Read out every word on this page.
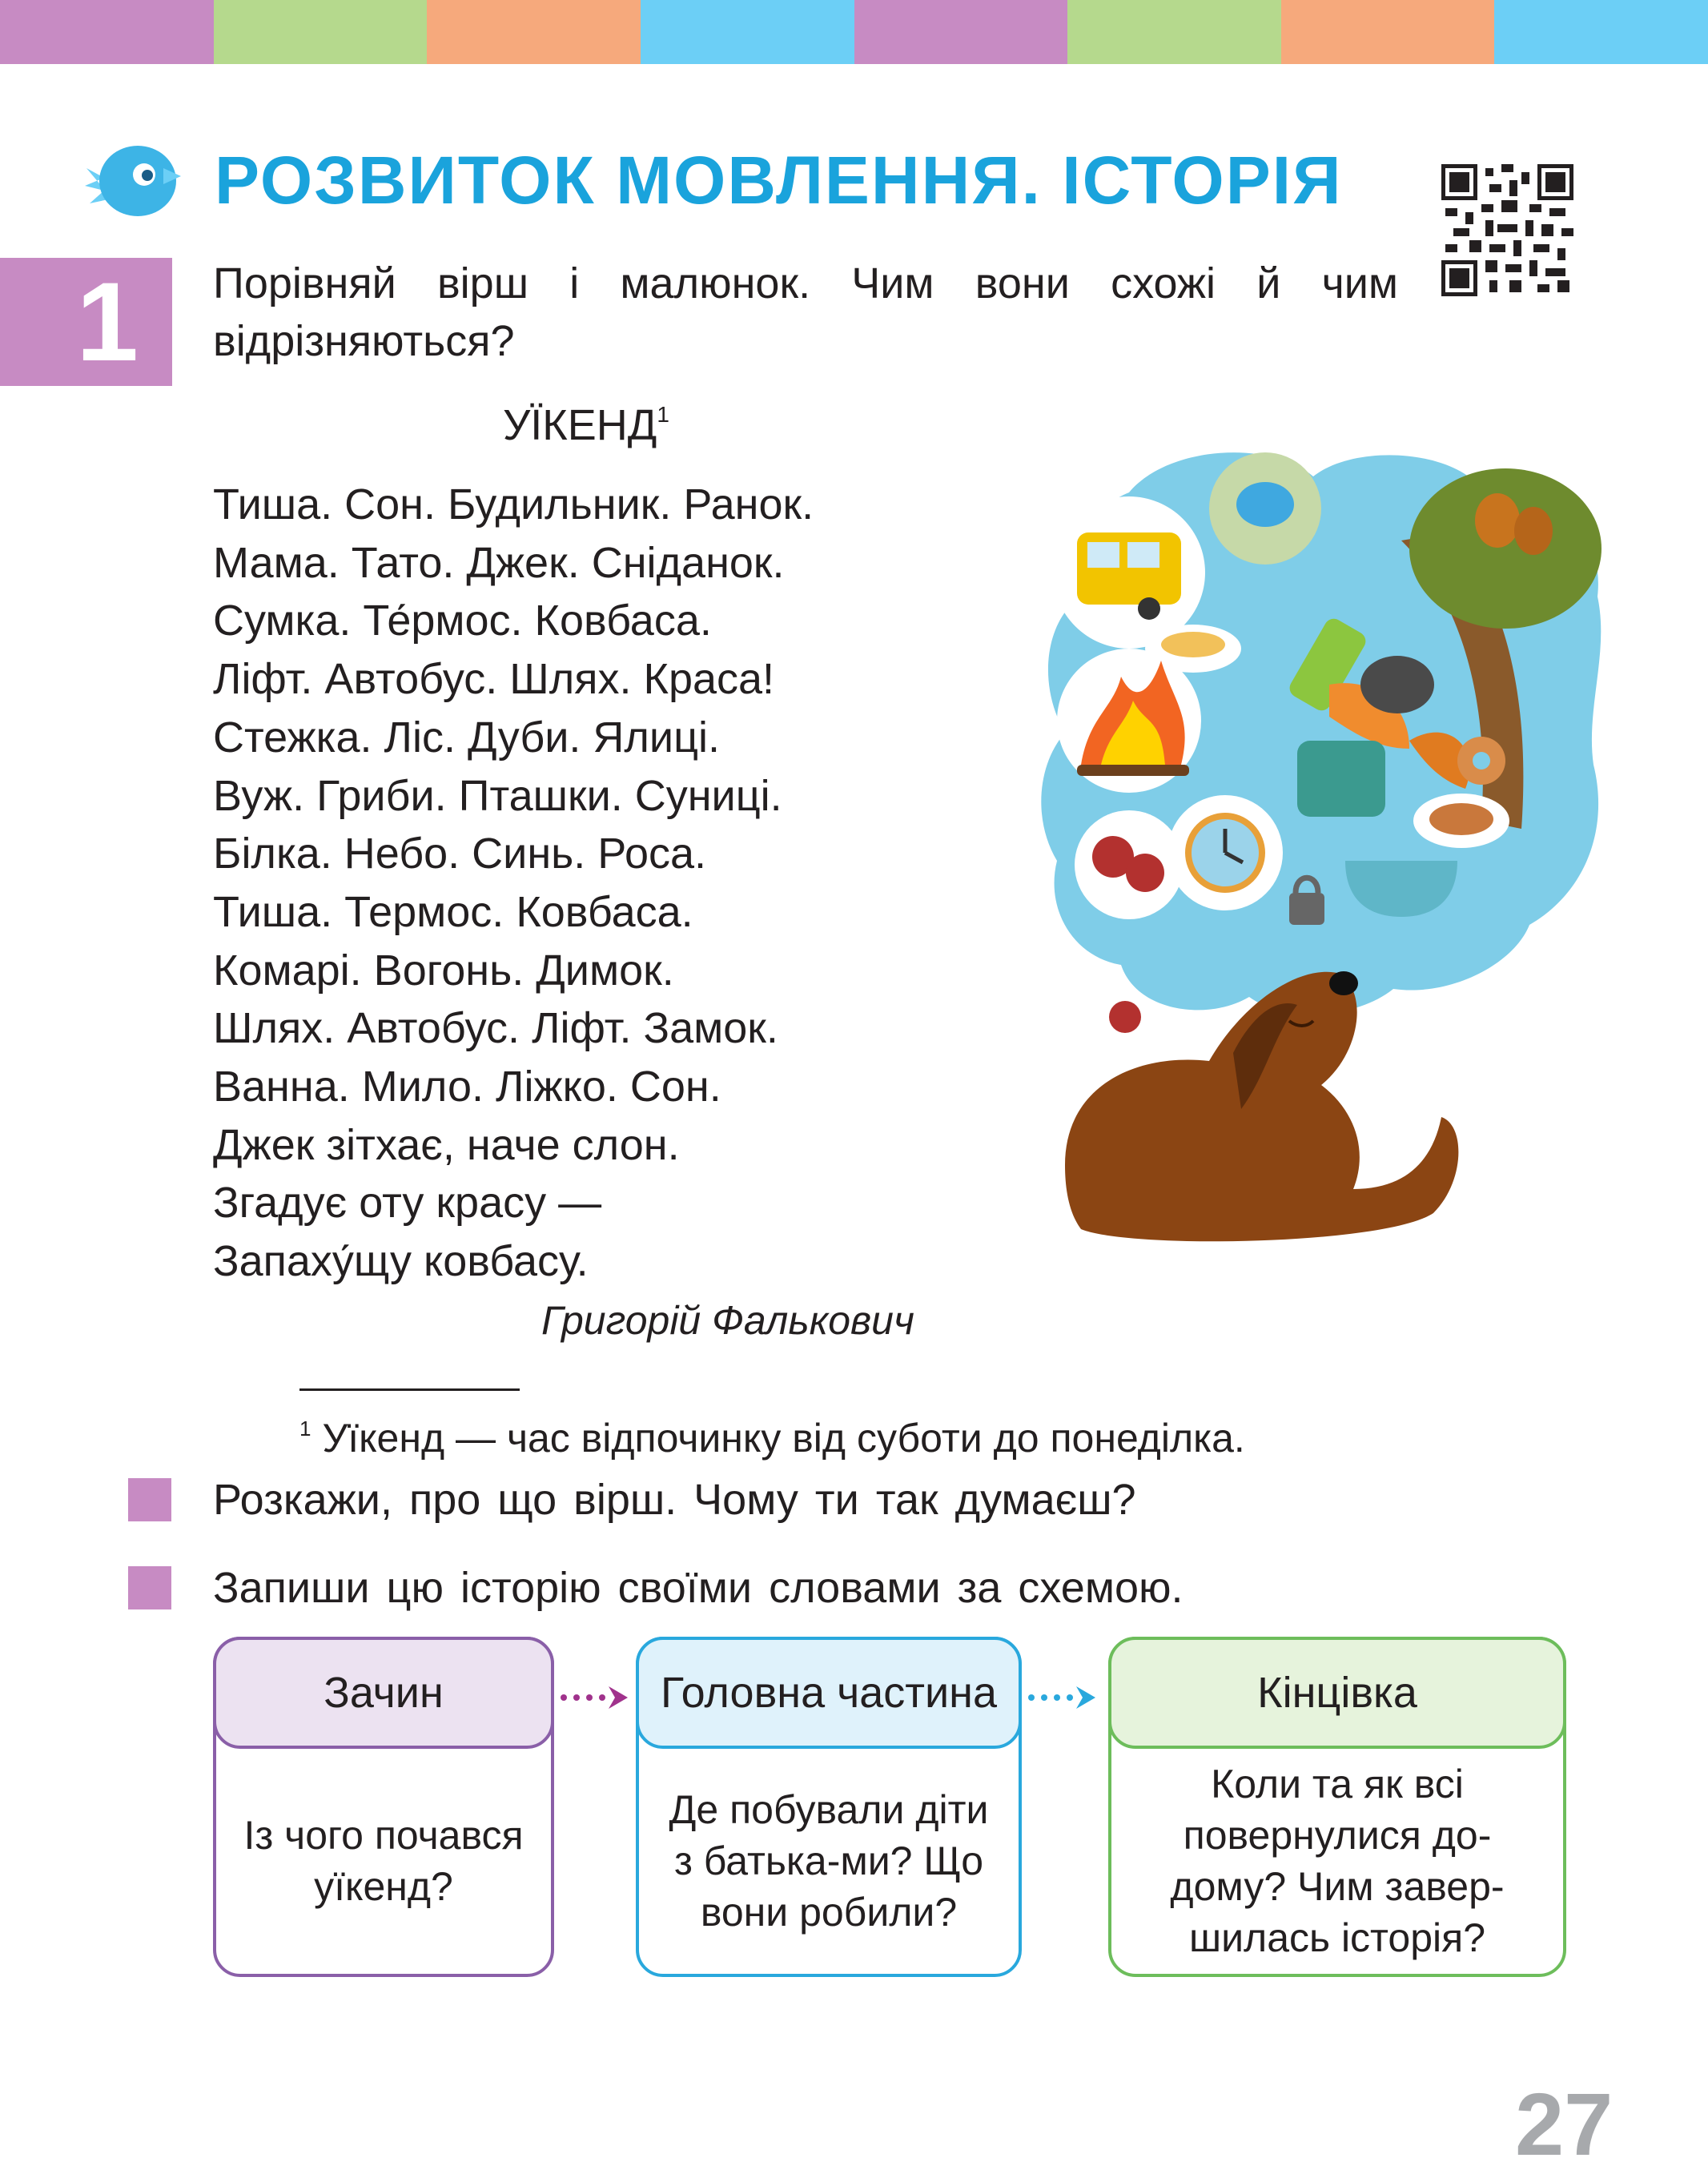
РОЗВИТОК МОВЛЕННЯ. ІСТОРІЯ
1	Порівняй вірш і малюнок. Чим вони схожі й чим відрізняються?
УЇКЕНД$^1$
Тиша. Сон. Будильник. Ранок.
Мама. Тато. Джек. Сніданок.
Сумка. Те́рмос. Ковбаса.
Ліфт. Автобус. Шлях. Краса!
Стежка. Ліс. Дуби. Ялиці.
Вуж. Гриби. Пташки. Суниці.
Білка. Небо. Синь. Роса.
Тиша. Термос. Ковбаса.
Комарі. Вогонь. Димок.
Шлях. Автобус. Ліфт. Замок.
Ванна. Мило. Ліжко. Сон.
Джек зітхає, наче слон.
Згадує оту красу —
Запаху́щу ковбасу.
Григорій Фалькович
$^1$ Уїкенд — час відпочинку від суботи до понеділка.
Розкажи, про що вірш. Чому ти так думаєш?
Запиши цю історію своїми словами за схемою.
Зачин
Із чого почався уїкенд?
Головна частина
Де побували діти з батька-ми? Що вони робили?
Кінцівка
Коли та як всі повернулися до-дому? Чим завер-шилась історія?
27
